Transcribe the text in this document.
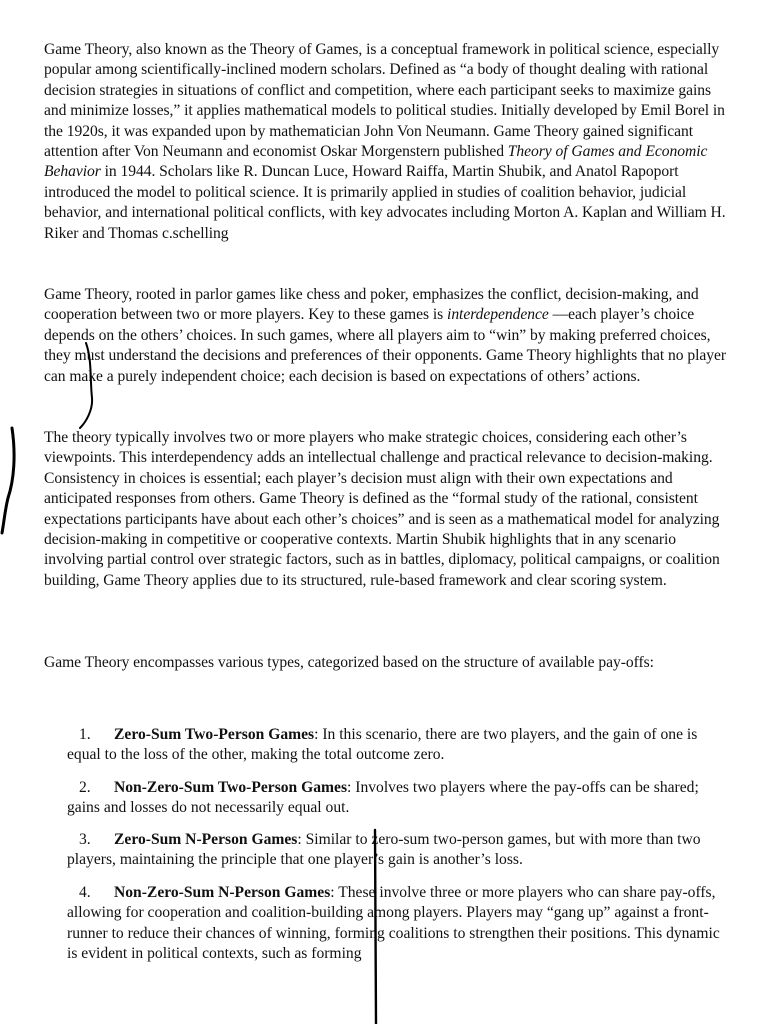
Game Theory, also known as the Theory of Games, is a conceptual framework in political science, especially popular among scientifically-inclined modern scholars. Defined as “a body of thought dealing with rational decision strategies in situations of conflict and competition, where each participant seeks to maximize gains and minimize losses,” it applies mathematical models to political studies. Initially developed by Emil Borel in the 1920s, it was expanded upon by mathematician John Von Neumann. Game Theory gained significant attention after Von Neumann and economist Oskar Morgenstern published Theory of Games and Economic Behavior in 1944. Scholars like R. Duncan Luce, Howard Raiffa, Martin Shubik, and Anatol Rapoport introduced the model to political science. It is primarily applied in studies of coalition behavior, judicial behavior, and international political conflicts, with key advocates including Morton A. Kaplan and William H. Riker and Thomas c.schelling

Game Theory, rooted in parlor games like chess and poker, emphasizes the conflict, decision-making, and cooperation between two or more players. Key to these games is interdependence —each player’s choice depends on the others’ choices. In such games, where all players aim to “win” by making preferred choices, they must understand the decisions and preferences of their opponents. Game Theory highlights that no player can make a purely independent choice; each decision is based on expectations of others’ actions.

The theory typically involves two or more players who make strategic choices, considering each other’s viewpoints. This interdependency adds an intellectual challenge and practical relevance to decision-making. Consistency in choices is essential; each player’s decision must align with their own expectations and anticipated responses from others. Game Theory is defined as the “formal study of the rational, consistent expectations participants have about each other’s choices” and is seen as a mathematical model for analyzing decision-making in competitive or cooperative contexts. Martin Shubik highlights that in any scenario involving partial control over strategic factors, such as in battles, diplomacy, political campaigns, or coalition building, Game Theory applies due to its structured, rule-based framework and clear scoring system.

Game Theory encompasses various types, categorized based on the structure of available pay-offs:

1. Zero-Sum Two-Person Games: In this scenario, there are two players, and the gain of one is equal to the loss of the other, making the total outcome zero.
2. Non-Zero-Sum Two-Person Games: Involves two players where the pay-offs can be shared; gains and losses do not necessarily equal out.
3. Zero-Sum N-Person Games: Similar to zero-sum two-person games, but with more than two players, maintaining the principle that one player’s gain is another’s loss.
4. Non-Zero-Sum N-Person Games: These involve three or more players who can share pay-offs, allowing for cooperation and coalition-building among players. Players may “gang up” against a front-runner to reduce their chances of winning, forming coalitions to strengthen their positions. This dynamic is evident in political contexts, such as forming
